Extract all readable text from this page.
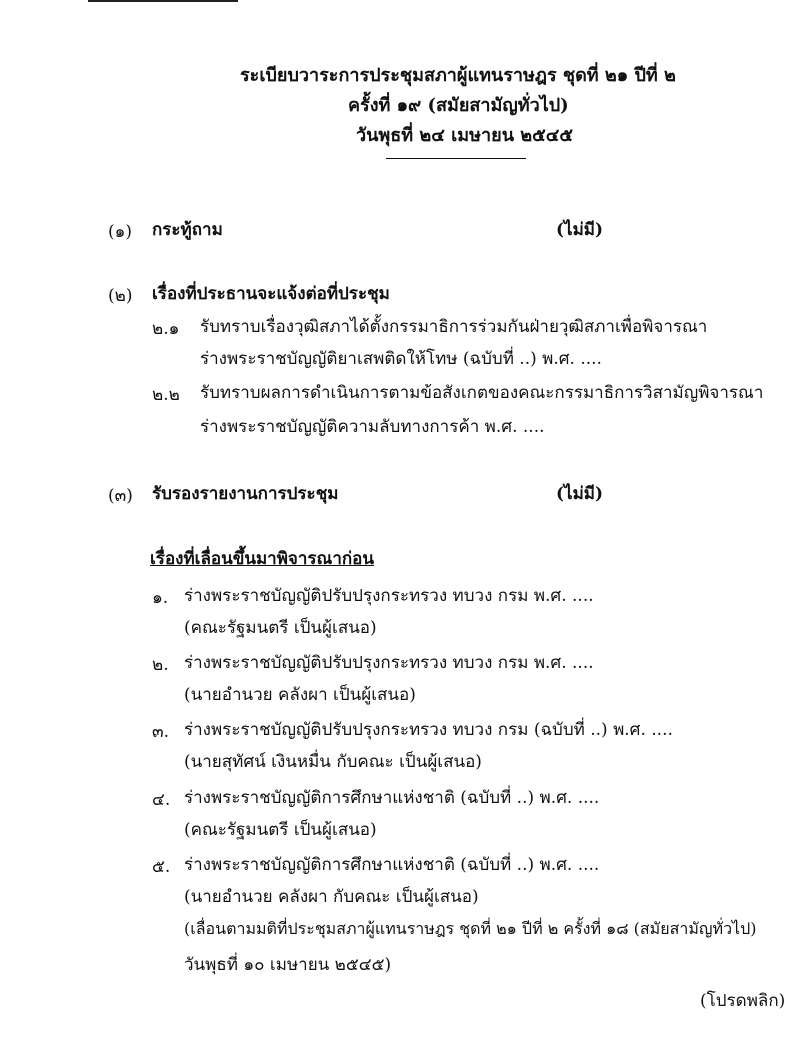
ระเบียบวาระการประชุมสภาผู้แทนราษฎร ชุดที่ ๒๑ ปีที่ ๒
ครั้งที่ ๑๙ (สมัยสามัญทั่วไป)
วันพุธที่ ๒๔ เมษายน ๒๕๔๕
(๑) กระทู้ถาม	(ไม่มี)
(๒) เรื่องที่ประธานจะแจ้งต่อที่ประชุม
๒.๑ รับทราบเรื่องวุฒิสภาได้ตั้งกรรมาธิการร่วมกันฝ่ายวุฒิสภาเพื่อพิจารณา
ร่างพระราชบัญญัติยาเสพติดให้โทษ (ฉบับที่ ..) พ.ศ. ....
๒.๒ รับทราบผลการดำเนินการตามข้อสังเกตของคณะกรรมาธิการวิสามัญพิจารณา
ร่างพระราชบัญญัติความลับทางการค้า พ.ศ. ....
(๓) รับรองรายงานการประชุม	(ไม่มี)
เรื่องที่เลื่อนขึ้นมาพิจารณาก่อน
๑. ร่างพระราชบัญญัติปรับปรุงกระทรวง ทบวง กรม พ.ศ. ....
(คณะรัฐมนตรี เป็นผู้เสนอ)
๒. ร่างพระราชบัญญัติปรับปรุงกระทรวง ทบวง กรม พ.ศ. ....
(นายอำนวย คลังผา เป็นผู้เสนอ)
๓. ร่างพระราชบัญญัติปรับปรุงกระทรวง ทบวง กรม (ฉบับที่ ..) พ.ศ. ....
(นายสุทัศน์ เงินหมื่น กับคณะ เป็นผู้เสนอ)
๔. ร่างพระราชบัญญัติการศึกษาแห่งชาติ (ฉบับที่ ..) พ.ศ. ....
(คณะรัฐมนตรี เป็นผู้เสนอ)
๕. ร่างพระราชบัญญัติการศึกษาแห่งชาติ (ฉบับที่ ..) พ.ศ. ....
(นายอำนวย คลังผา กับคณะ เป็นผู้เสนอ)
(เลื่อนตามมติที่ประชุมสภาผู้แทนราษฎร ชุดที่ ๒๑ ปีที่ ๒ ครั้งที่ ๑๘ (สมัยสามัญทั่วไป)
วันพุธที่ ๑๐ เมษายน ๒๕๔๕)
(โปรดพลิก)
